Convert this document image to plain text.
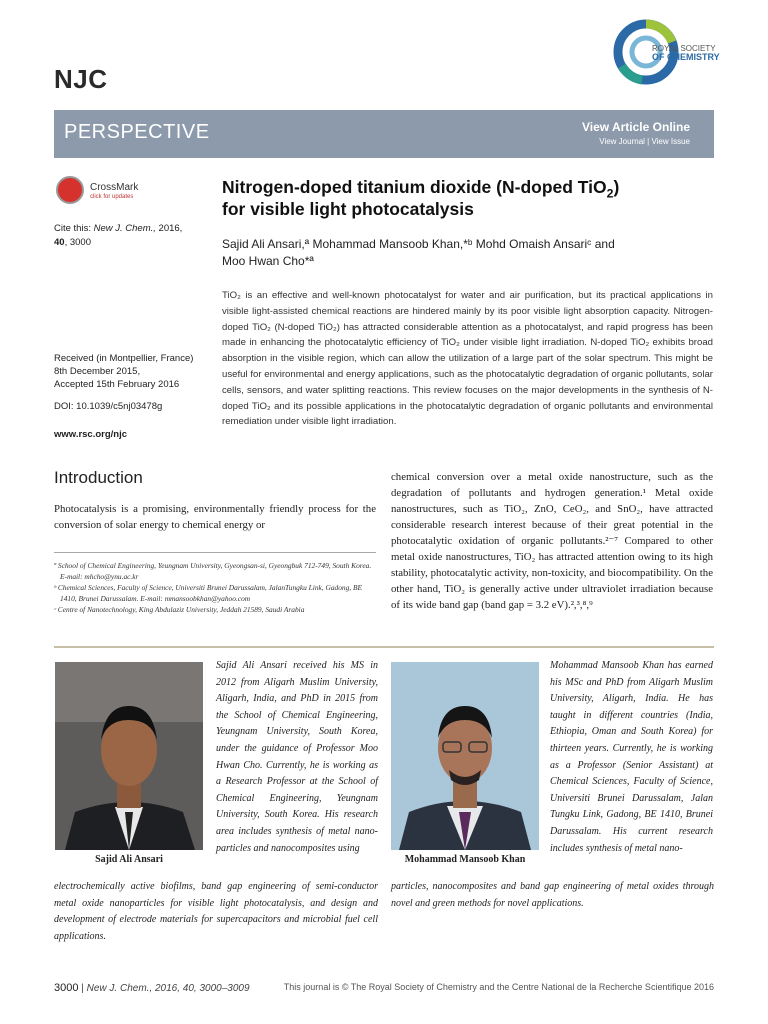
NJC
ROYAL SOCIETY
OF CHEMISTRY
PERSPECTIVE	View Article Online
View Journal | View Issue
CrossMark
click for updates
Cite this: New J. Chem., 2016,
40, 3000
Received (in Montpellier, France)
8th December 2015,
Accepted 15th February 2016
DOI: 10.1039/c5nj03478g
www.rsc.org/njc
Nitrogen-doped titanium dioxide (N-doped TiO$_2$)
for visible light photocatalysis
Sajid Ali Ansari,ª Mohammad Mansoob Khan,*ᵇ Mohd Omaish Ansariᶜ and
Moo Hwan Cho*ª
TiO₂ is an effective and well-known photocatalyst for water and air purification, but its practical applications in visible light-assisted chemical reactions are hindered mainly by its poor visible light absorption capacity. Nitrogen-doped TiO₂ (N-doped TiO₂) has attracted considerable attention as a photocatalyst, and rapid progress has been made in enhancing the photocatalytic efficiency of TiO₂ under visible light irradiation. N-doped TiO₂ exhibits broad absorption in the visible region, which can allow the utilization of a large part of the solar spectrum. This might be useful for environmental and energy applications, such as the photocatalytic degradation of organic pollutants, solar cells, sensors, and water splitting reactions. This review focuses on the major developments in the synthesis of N-doped TiO₂ and its possible applications in the photocatalytic degradation of organic pollutants and environmental remediation under visible light irradiation.
Introduction
Photocatalysis is a promising, environmentally friendly process for the conversion of solar energy to chemical energy or
ª School of Chemical Engineering, Yeungnam University, Gyeongsan-si, Gyeongbuk 712-749, South Korea. E-mail: mhcho@ynu.ac.kr
ᵇ Chemical Sciences, Faculty of Science, Universiti Brunei Darussalam, JalanTungku Link, Gadong, BE 1410, Brunei Darussalam. E-mail: mmansoobkhan@yahoo.com
ᶜ Centre of Nanotechnology, King Abdulaziz University, Jeddah 21589, Saudi Arabia
chemical conversion over a metal oxide nanostructure, such as the degradation of pollutants and hydrogen generation.¹ Metal oxide nanostructures, such as TiO₂, ZnO, CeO₂, and SnO₂, have attracted considerable research interest because of their great potential in the photocatalytic oxidation of organic pollutants.²⁻⁷ Compared to other metal oxide nanostructures, TiO₂ has attracted attention owing to its high stability, photocatalytic activity, non-toxicity, and biocompatibility. On the other hand, TiO₂ is generally active under ultraviolet irradiation because of its wide band gap (band gap = 3.2 eV).²,³,⁸,⁹
Sajid Ali Ansari
Sajid Ali Ansari received his MS in 2012 from Aligarh Muslim University, Aligarh, India, and PhD in 2015 from the School of Chemical Engineering, Yeungnam University, South Korea, under the guidance of Professor Moo Hwan Cho. Currently, he is working as a Research Professor at the School of Chemical Engineering, Yeungnam University, South Korea. His research area includes synthesis of metal nano-particles and nanocomposites using
electrochemically active biofilms, band gap engineering of semi-conductor metal oxide nanoparticles for visible light photocatalysis, and design and development of electrode materials for supercapacitors and microbial fuel cell applications.
Mohammad Mansoob Khan
Mohammad Mansoob Khan has earned his MSc and PhD from Aligarh Muslim University, Aligarh, India. He has taught in different countries (India, Ethiopia, Oman and South Korea) for thirteen years. Currently, he is working as a Professor (Senior Assistant) at Chemical Sciences, Faculty of Science, Universiti Brunei Darussalam, Jalan Tungku Link, Gadong, BE 1410, Brunei Darussalam. His current research includes synthesis of metal nano-
particles, nanocomposites and band gap engineering of metal oxides through novel and green methods for novel applications.
3000 | New J. Chem., 2016, 40, 3000–3009	This journal is © The Royal Society of Chemistry and the Centre National de la Recherche Scientifique 2016
